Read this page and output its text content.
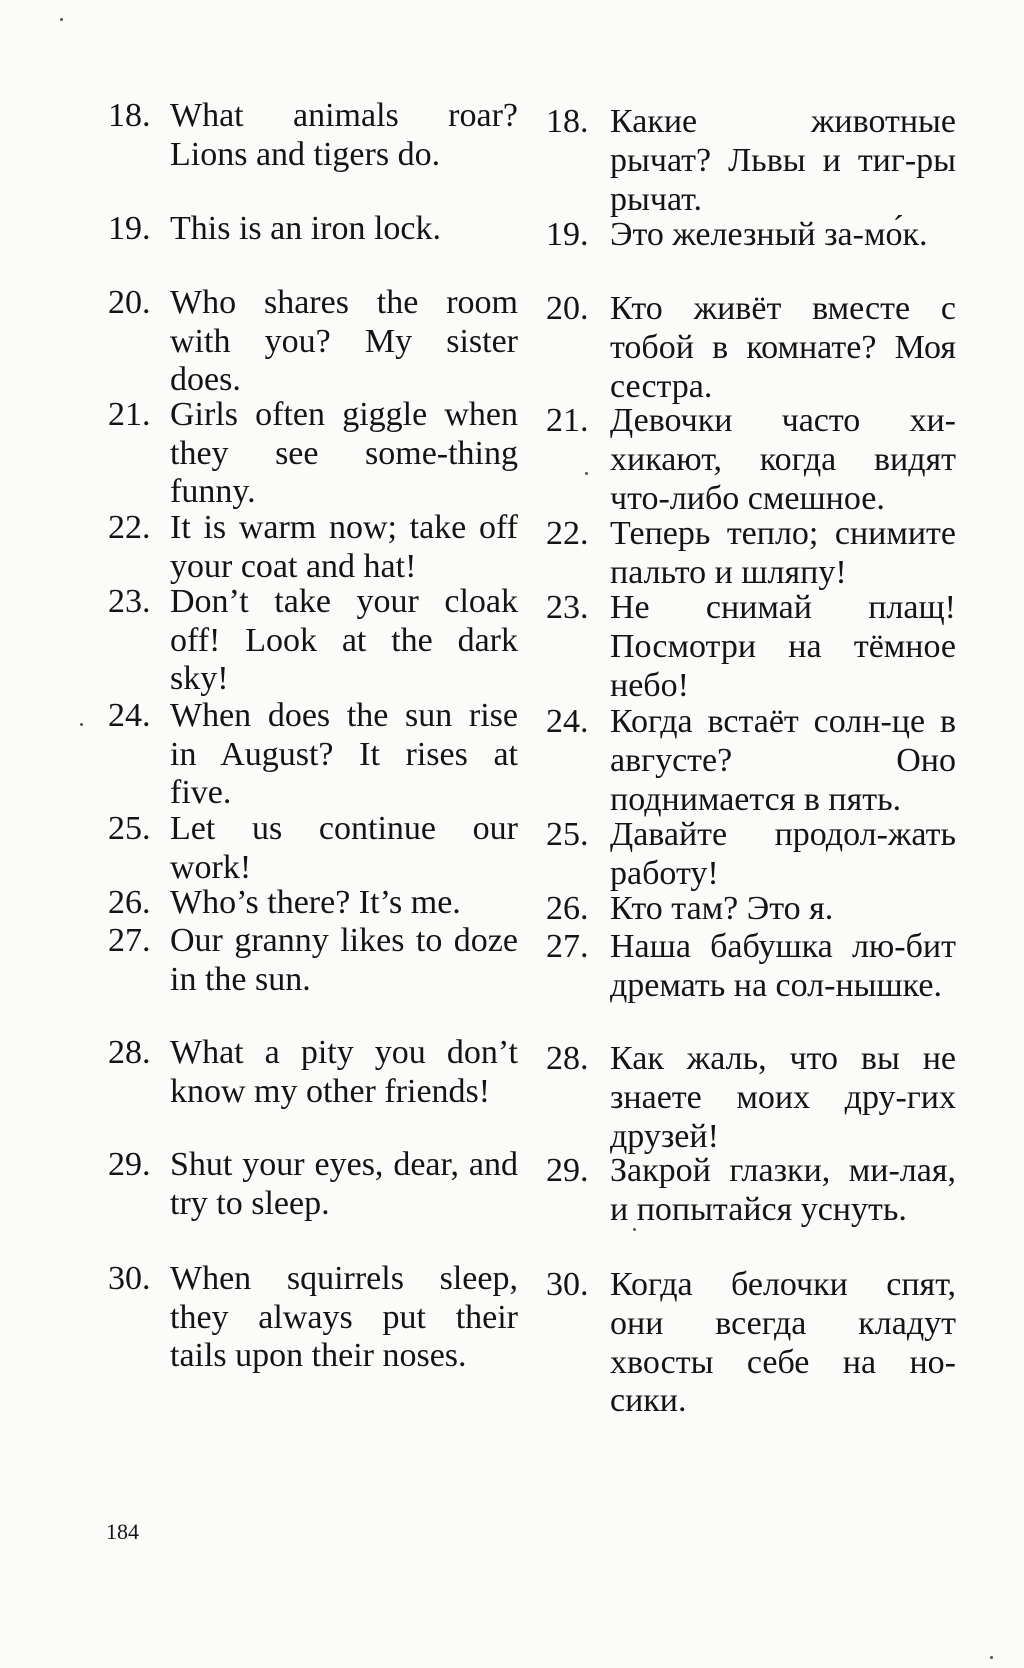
18. What animals roar? Lions and tigers do.
19. This is an iron lock.
20. Who shares the room with you? My sister does.
21. Girls often giggle when they see some-thing funny.
22. It is warm now; take off your coat and hat!
23. Don’t take your cloak off! Look at the dark sky!
24. When does the sun rise in August? It rises at five.
25. Let us continue our work!
26. Who’s there? It’s me.
27. Our granny likes to doze in the sun.
28. What a pity you don’t know my other friends!
29. Shut your eyes, dear, and try to sleep.
30. When squirrels sleep, they always put their tails upon their noses.
18. Какие животные рычат? Львы и тиг-ры рычат.
19. Это железный за-мо́к.
20. Кто живёт вместе с тобой в комнате? Моя сестра.
21. Девочки часто хи-хикают, когда видят что-либо смешное.
22. Теперь тепло; снимите пальто и шляпу!
23. Не снимай плащ! Посмотри на тёмное небо!
24. Когда встаёт солн-це в августе? Оно поднимается в пять.
25. Давайте продол-жать работу!
26. Кто там? Это я.
27. Наша бабушка лю-бит дремать на сол-нышке.
28. Как жаль, что вы не знаете моих дру-гих друзей!
29. Закрой глазки, ми-лая, и попытайся уснуть.
30. Когда белочки спят, они всегда кладут хвосты себе на но-сики.
184
